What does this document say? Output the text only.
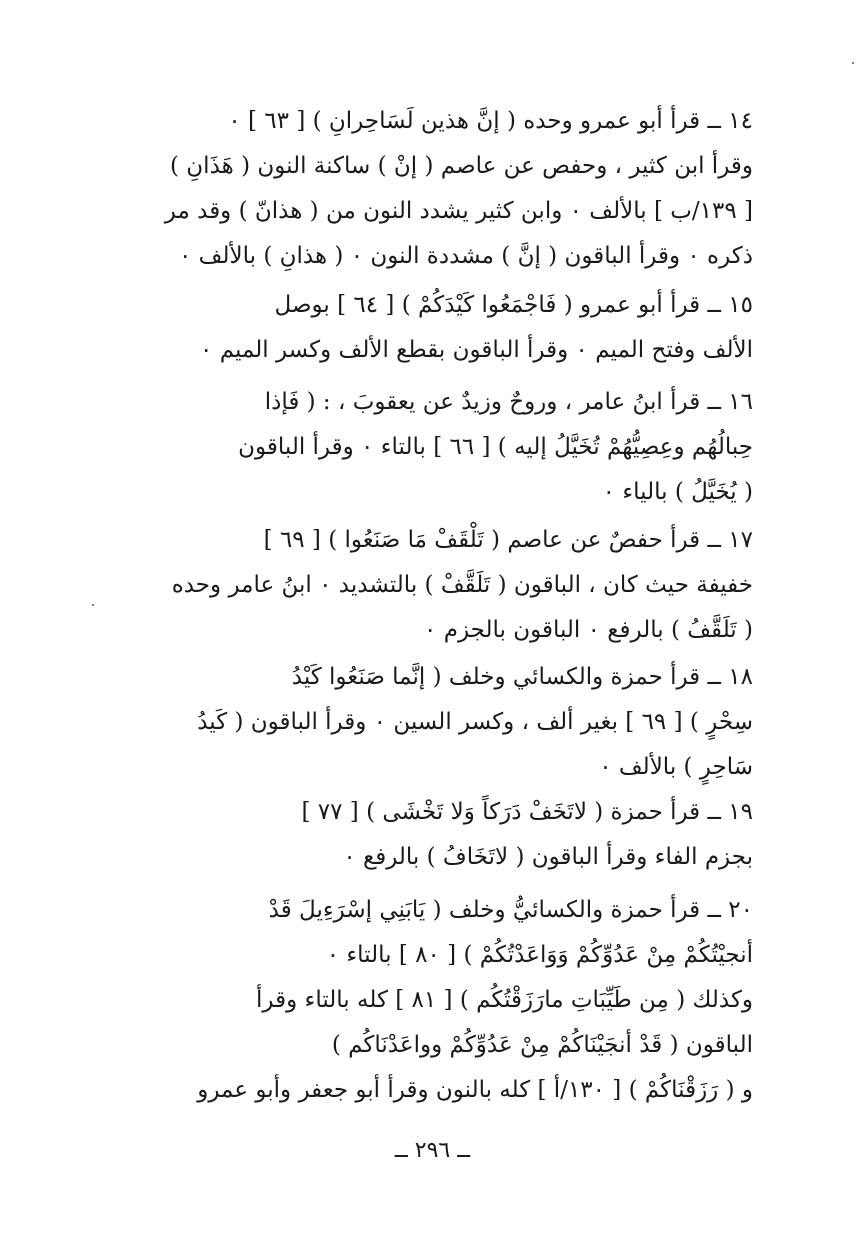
١٤ ــ قرأ أبو عمرو وحده ( إنَّ هذين لَسَاحِرانِ ) [ ٦٣ ] ٠
وقرأ ابن كثير ، وحفص عن عاصم ( إنْ ) ساكنة النون ( هَذَانِ )
[ ١٣٩/ب ] بالألف ٠ وابن كثير يشدد النون من ( هذانّ ) وقد مر
ذكره ٠ وقرأ الباقون ( إنَّ ) مشددة النون ٠ ( هذانِ ) بالألف ٠
١٥ ــ قرأ أبو عمرو ( فَاجْمَعُوا كَيْدَكُمْ ) [ ٦٤ ] بوصل
الألف وفتح الميم ٠ وقرأ الباقون بقطع الألف وكسر الميم ٠
١٦ ــ قرأ ابنُ عامر ، وروحٌ وزيدٌ عن يعقوبَ ، : ( فَإذا
حِبالُهُم وعِصِيُّهُمْ تُخَيَّلُ إليه ) [ ٦٦ ] بالتاء ٠ وقرأ الباقون
( يُخَيَّلُ ) بالياء ٠
١٧ ــ قرأ حفصٌ عن عاصم ( تَلْقَفْ مَا صَنَعُوا ) [ ٦٩ ]
خفيفة حيث كان ، الباقون ( تَلَقَّفْ ) بالتشديد ٠ ابنُ عامر وحده
( تَلَقَّفُ ) بالرفع ٠ الباقون بالجزم ٠
١٨ ــ قرأ حمزة والكسائي وخلف ( إنَّما صَنَعُوا كَيْدُ
سِحْرٍ ) [ ٦٩ ] بغير ألف ، وكسر السين ٠ وقرأ الباقون ( كَيدُ
سَاحِرٍ ) بالألف ٠
١٩ ــ قرأ حمزة ( لاتَخَفْ دَرَكاً وَلا تَخْشَى ) [ ٧٧ ]
بجزم الفاء وقرأ الباقون ( لاتَخَافُ ) بالرفع ٠
٢٠ ــ قرأ حمزة والكسائيُّ وخلف ( يَابَنِي إسْرَءِيلَ قَدْ
أنجيْتُكُمْ مِنْ عَدُوِّكُمْ وَوَاعَدْتُكُمْ ) [ ٨٠ ] بالتاء ٠
وكذلك ( مِن طَيِّبَاتِ مارَزَقْتُكُم ) [ ٨١ ] كله بالتاء وقرأ
الباقون ( قَدْ أنجَيْنَاكُمْ مِنْ عَدُوِّكُمْ وواعَدْنَاكُم )
و ( رَزَقْنَاكُمْ ) [ ١٣٠/أ ] كله بالنون وقرأ أبو جعفر وأبو عمرو
ــ ٢٩٦ ــ
